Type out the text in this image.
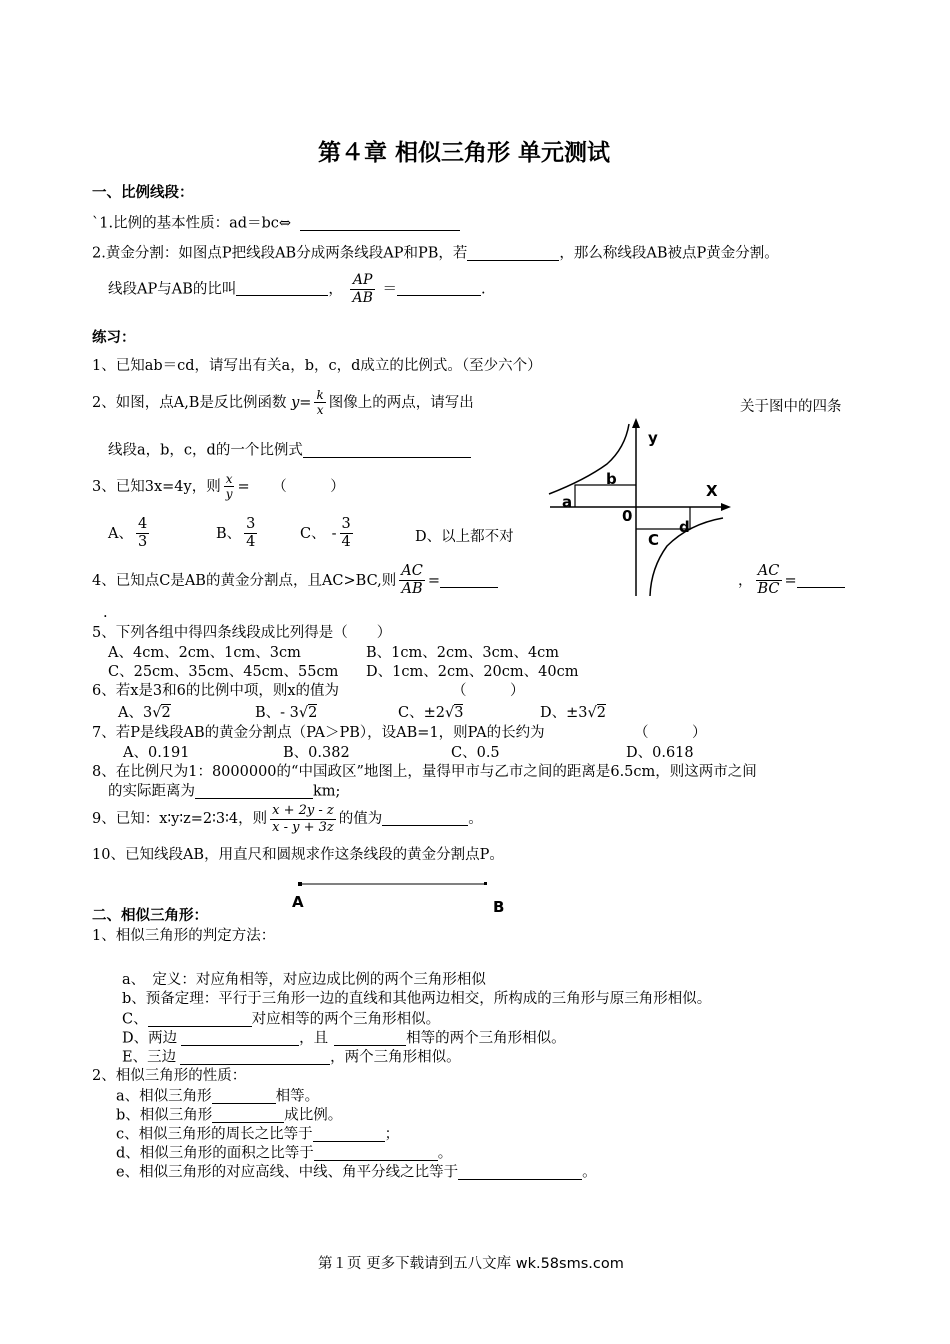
第４章 相似三角形 单元测试
一、比例线段：
`1.比例的基本性质：ad＝bc⇔
2.黄金分割：如图点P把线段AB分成两条线段AP和PB，若	，那么称线段AB被点P黄金分割。
线段AP与AB的比叫	， $\frac{AP}{AB}$ ＝	.
练习：
1、已知ab＝cd，请写出有关a，b，c，d成立的比例式。（至少六个）
2、如图，点A,B是反比例函数 $y= \frac{k}{x}$ 图像上的两点，请写出	关于图中的四条
线段a，b，c，d的一个比例式
3、已知3x=4y，则 $\frac{x}{y}$ = （　　　）
A、 $\frac{4}{3}$	B、 $\frac{3}{4}$	C、 - $\frac{3}{4}$	D、以上都不对
4、已知点C是AB的黄金分割点，且AC>BC,则 $\frac{AC}{AB}$ =	， $\frac{AC}{BC}$ =
.
5、下列各组中得四条线段成比列得是（　　）
A、4cm、2cm、1cm、3cm	B、1cm、2cm、3cm、4cm
C、25cm、35cm、45cm、55cm D、1cm、2cm、20cm、40cm
6、若x是3和6的比例中项，则x的值为	（　　　）
A、3√2	B、- 3√2	C、±2√3	D、±3√2
7、若P是线段AB的黄金分割点（PA＞PB），设AB=1，则PA的长约为	（　　　）
A、0.191	B、0.382	C、0.5	D、0.618
8、在比例尺为1：8000000的“中国政区”地图上，量得甲市与乙市之间的距离是6.5cm，则这两市之间
的实际距离为	km;
9、已知：x∶y∶z=2∶3∶4，则 $\frac{x + 2y - z}{x - y + 3z}$ 的值为	。
10、已知线段AB，用直尺和圆规求作这条线段的黄金分割点P。
A	B
y
X
0
a
b
C
d
二、相似三角形：
1、相似三角形的判定方法：
a、　定义：对应角相等，对应边成比例的两个三角形相似
b、预备定理：平行于三角形一边的直线和其他两边相交，所构成的三角形与原三角形相似。
C、	对应相等的两个三角形相似。
D、两边	，且	相等的两个三角形相似。
E、三边	，两个三角形相似。
2、相似三角形的性质：
a、相似三角形	相等。
b、相似三角形	成比例。
c、相似三角形的周长之比等于	；
d、相似三角形的面积之比等于	。
e、相似三角形的对应高线、中线、角平分线之比等于	。
第１页 更多下载请到五八文库 wk.58sms.com
